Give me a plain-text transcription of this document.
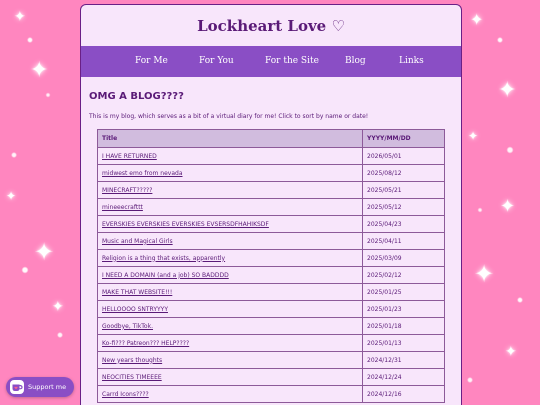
✦
✦
✦
✦
✦
✦
✦
✦
✦
✦
✦
Lockheart Love ♡
For Me	For You	For the Site	Blog	Links
OMG A BLOG????

This is my blog, which serves as a bit of a virtual diary for me! Click to sort by name or date!

Title	YYYY/MM/DD
I HAVE RETURNED	2026/05/01
midwest emo from nevada	2025/08/12
MINECRAFT?????	2025/05/21
mineeecrafttt	2025/05/12
EVERSKIES EVERSKIES EVERSKIES EVSERSDFHAHIKSDF	2025/04/23
Music and Magical Girls	2025/04/11
Religion is a thing that exists, apparently	2025/03/09
I NEED A DOMAIN (and a job) SO BADDDD	2025/02/12
MAKE THAT WEBSITE!!!	2025/01/25
HELLOOOO SNTRYYYY	2025/01/23
Goodbye, TikTok.	2025/01/18
Ko-fi??? Patreon??? HELP????	2025/01/13
New years thoughts	2024/12/31
NEOCITIES TIMEEEE	2024/12/24
Carrd Icons????	2024/12/16
Support me
